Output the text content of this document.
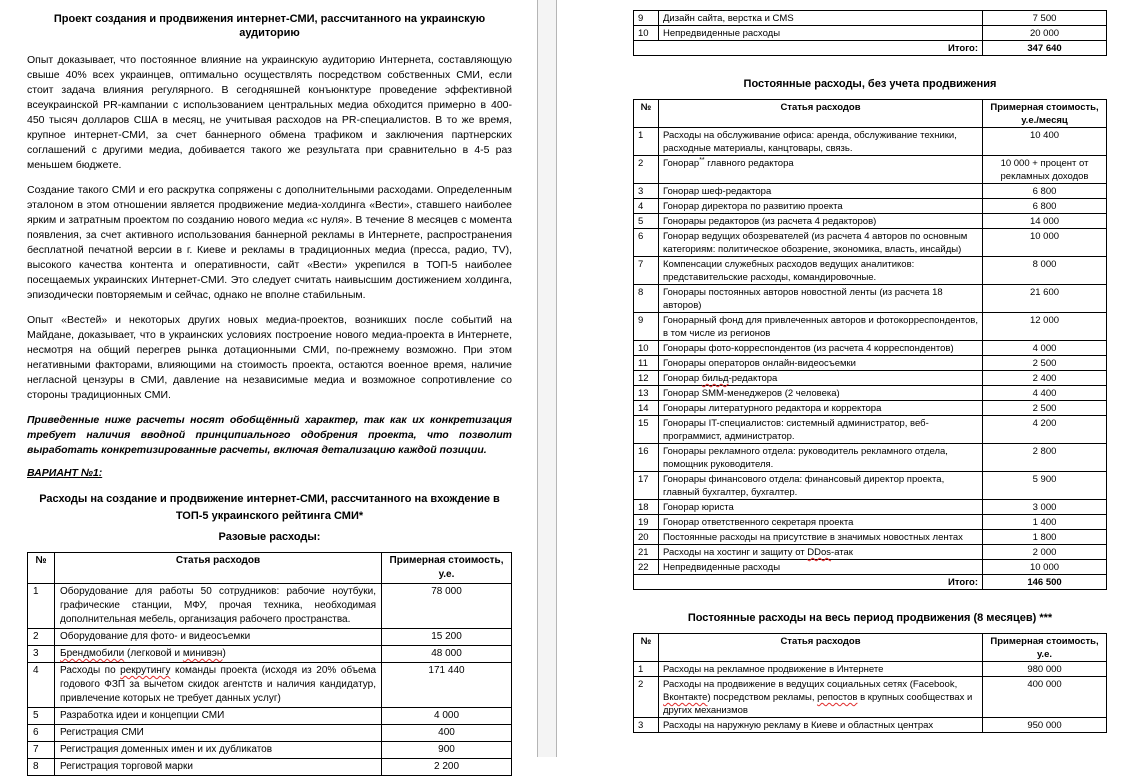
Проект создания и продвижения интернет-СМИ, рассчитанного на украинскую аудиторию

Опыт доказывает, что постоянное влияние на украинскую аудиторию Интернета, составляющую свыше 40% всех украинцев, оптимально осуществлять посредством собственных СМИ, если стоит задача влияния регулярного. В сегодняшней конъюнктуре проведение эффективной всеукраинской PR-кампании с использованием центральных медиа обходится примерно в 400-450 тысяч долларов США в месяц, не учитывая расходов на PR-специалистов. В то же время, крупное интернет-СМИ, за счет баннерного обмена трафиком и заключения партнерских соглашений с другими медиа, добивается такого же результата при сравнительно в 4-5 раз меньшем бюджете.

Создание такого СМИ и его раскрутка сопряжены с дополнительными расходами. Определенным эталоном в этом отношении является продвижение медиа-холдинга «Вести», ставшего наиболее ярким и затратным проектом по созданию нового медиа «с нуля». В течение 8 месяцев с момента появления, за счет активного использования баннерной рекламы в Интернете, распространения бесплатной печатной версии в г. Киеве и рекламы в традиционных медиа (пресса, радио, TV), высокого качества контента и оперативности, сайт «Вести» укрепился в ТОП-5 наиболее посещаемых украинских Интернет-СМИ. Это следует считать наивысшим достижением холдинга, эпизодически повторяемым и сейчас, однако не вполне стабильным.

Опыт «Вестей» и некоторых других новых медиа-проектов, возникших после событий на Майдане, доказывает, что в украинских условиях построение нового медиа-проекта в Интернете, несмотря на общий перегрев рынка дотационными СМИ, по-прежнему возможно. При этом негативными факторами, влияющими на стоимость проекта, остаются военное время, наличие негласной цензуры в СМИ, давление на независимые медиа и возможное сопротивление со стороны традиционных СМИ.

Приведенные ниже расчеты носят обобщённый характер, так как их конкретизация требует наличия вводной принципиального одобрения проекта, что позволит выработать конкретизированные расчеты, включая детализацию каждой позиции.

ВАРИАНТ №1:
Расходы на создание и продвижение интернет-СМИ, рассчитанного на вхождение в ТОП-5 украинского рейтинга СМИ*
Разовые расходы:
№	Статья расходов	Примерная стоимость, у.е.
1	Оборудование для работы 50 сотрудников: рабочие ноутбуки, графические станции, МФУ, прочая техника, необходимая дополнительная мебель, организация рабочего пространства.	78 000
2	Оборудование для фото- и видеосъемки	15 200
3	Брендмобили (легковой и минивэн)	48 000
4	Расходы по рекрутингу команды проекта (исходя из 20% объема годового ФЗП за вычетом скидок агентств и наличия кандидатур, привлечение которых не требует данных услуг)	171 440
5	Разработка идеи и концепции СМИ	4 000
6	Регистрация СМИ	400
7	Регистрация доменных имен и их дубликатов	900
8	Регистрация торговой марки	2 200
9	Дизайн сайта, верстка и CMS	7 500
10	Непредвиденные расходы	20 000
Итого:		347 640
Постоянные расходы, без учета продвижения
№	Статья расходов	Примерная стоимость, у.е./месяц
1	Расходы на обслуживание офиса: аренда, обслуживание техники, расходные материалы, канцтовары, связь.	10 400
2	Гонорар** главного редактора	10 000 + процент от рекламных доходов
3	Гонорар шеф-редактора	6 800
4	Гонорар директора по развитию проекта	6 800
5	Гонорары редакторов (из расчета 4 редакторов)	14 000
6	Гонорар ведущих обозревателей (из расчета 4 авторов по основным категориям: политическое обозрение, экономика, власть, инсайды)	10 000
7	Компенсации служебных расходов ведущих аналитиков: представительские расходы, командировочные.	8 000
8	Гонорары постоянных авторов новостной ленты (из расчета 18 авторов)	21 600
9	Гонорарный фонд для привлеченных авторов и фотокорреспондентов, в том числе из регионов	12 000
10	Гонорары фото-корреспондентов (из расчета 4 корреспондентов)	4 000
11	Гонорары операторов онлайн-видеосъемки	2 500
12	Гонорар бильд-редактора	2 400
13	Гонорар SMM-менеджеров (2 человека)	4 400
14	Гонорары литературного редактора и корректора	2 500
15	Гонорары IT-специалистов: системный администратор, веб-программист, администратор.	4 200
16	Гонорары рекламного отдела: руководитель рекламного отдела, помощник руководителя.	2 800
17	Гонорары финансового отдела: финансовый директор проекта, главный бухгалтер, бухгалтер.	5 900
18	Гонорар юриста	3 000
19	Гонорар ответственного секретаря проекта	1 400
20	Постоянные расходы на присутствие в значимых новостных лентах	1 800
21	Расходы на хостинг и защиту от DDos-атак	2 000
22	Непредвиденные расходы	10 000
Итого:		146 500
Постоянные расходы на весь период продвижения (8 месяцев) ***
№	Статья расходов	Примерная стоимость, у.е.
1	Расходы на рекламное продвижение в Интернете	980 000
2	Расходы на продвижение в ведущих социальных сетях (Facebook, Вконтакте) посредством рекламы, репостов в крупных сообществах и других механизмов	400 000
3	Расходы на наружную рекламу в Киеве и областных центрах	950 000
